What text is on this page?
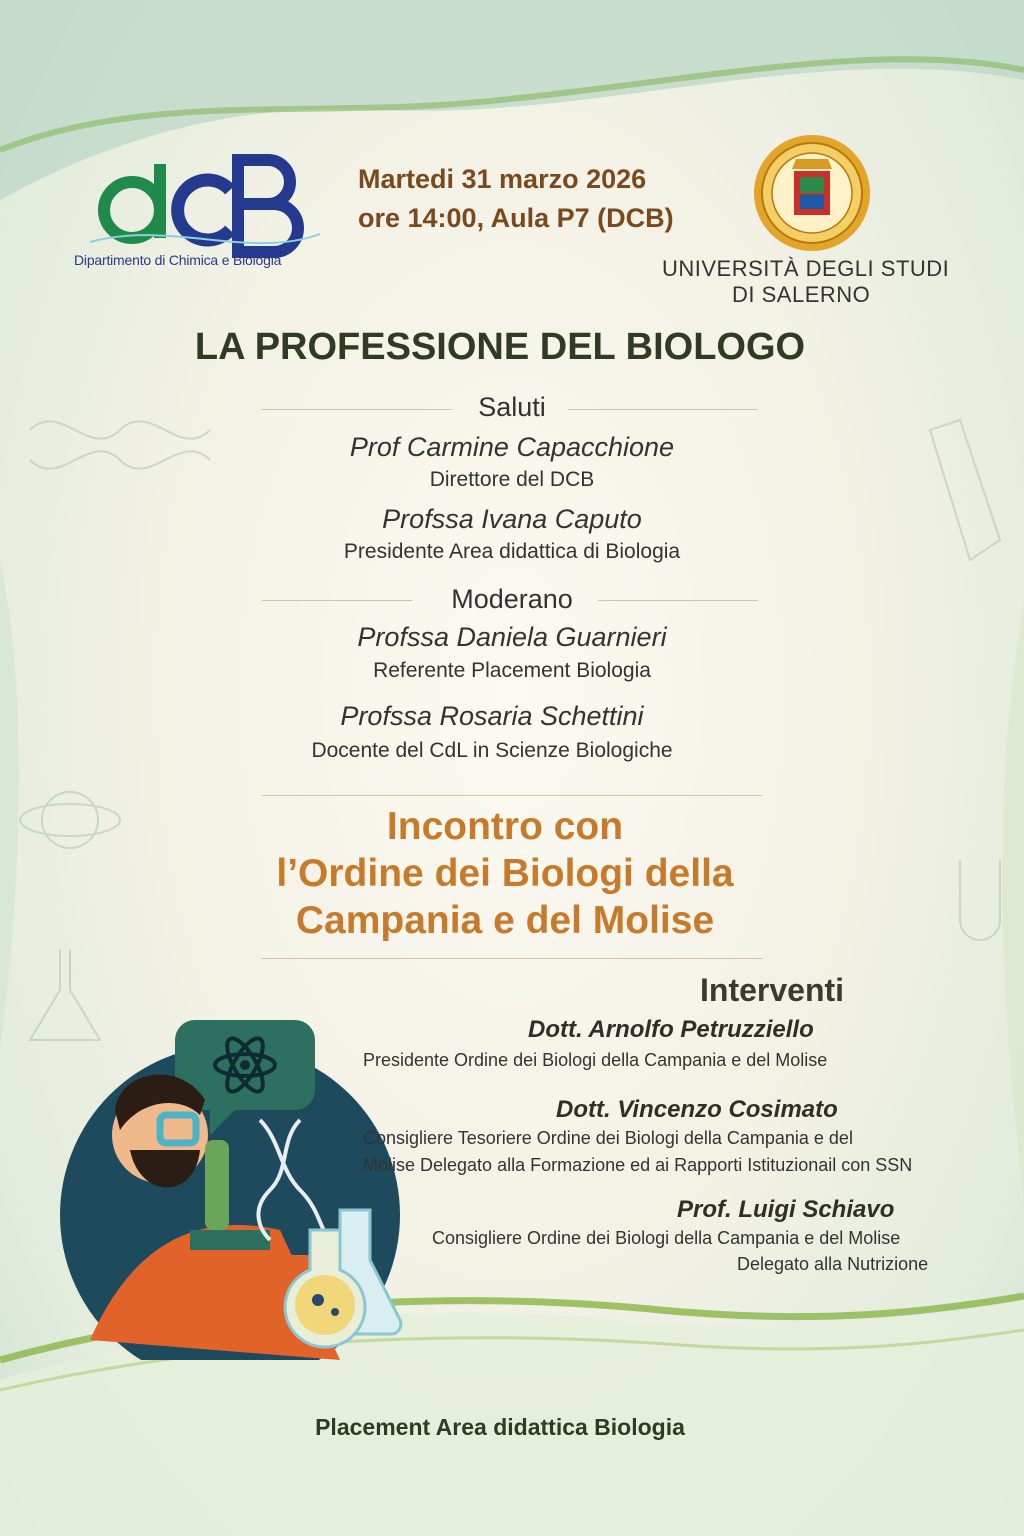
Dipartimento di Chimica e Biologia
Martedi 31 marzo 2026
ore 14:00, Aula P7 (DCB)
UNIVERSITÀ DEGLI STUDI
DI SALERNO
LA PROFESSIONE DEL BIOLOGO
Saluti
Prof Carmine Capacchione
Direttore del DCB
Profssa Ivana Caputo
Presidente Area didattica di Biologia
Moderano
Profssa Daniela Guarnieri
Referente Placement Biologia
Profssa Rosaria Schettini
Docente del CdL in Scienze Biologiche
Incontro con
l’Ordine dei Biologi della
Campania e del Molise
Interventi
Dott. Arnolfo Petruzziello
Presidente Ordine dei Biologi della Campania e del Molise
Dott. Vincenzo Cosimato
Consigliere Tesoriere Ordine dei Biologi della Campania e del
Molise Delegato alla Formazione ed ai Rapporti Istituzionail con SSN
Prof. Luigi Schiavo
Consigliere Ordine dei Biologi della Campania e del Molise
Delegato alla Nutrizione
Placement Area didattica Biologia
